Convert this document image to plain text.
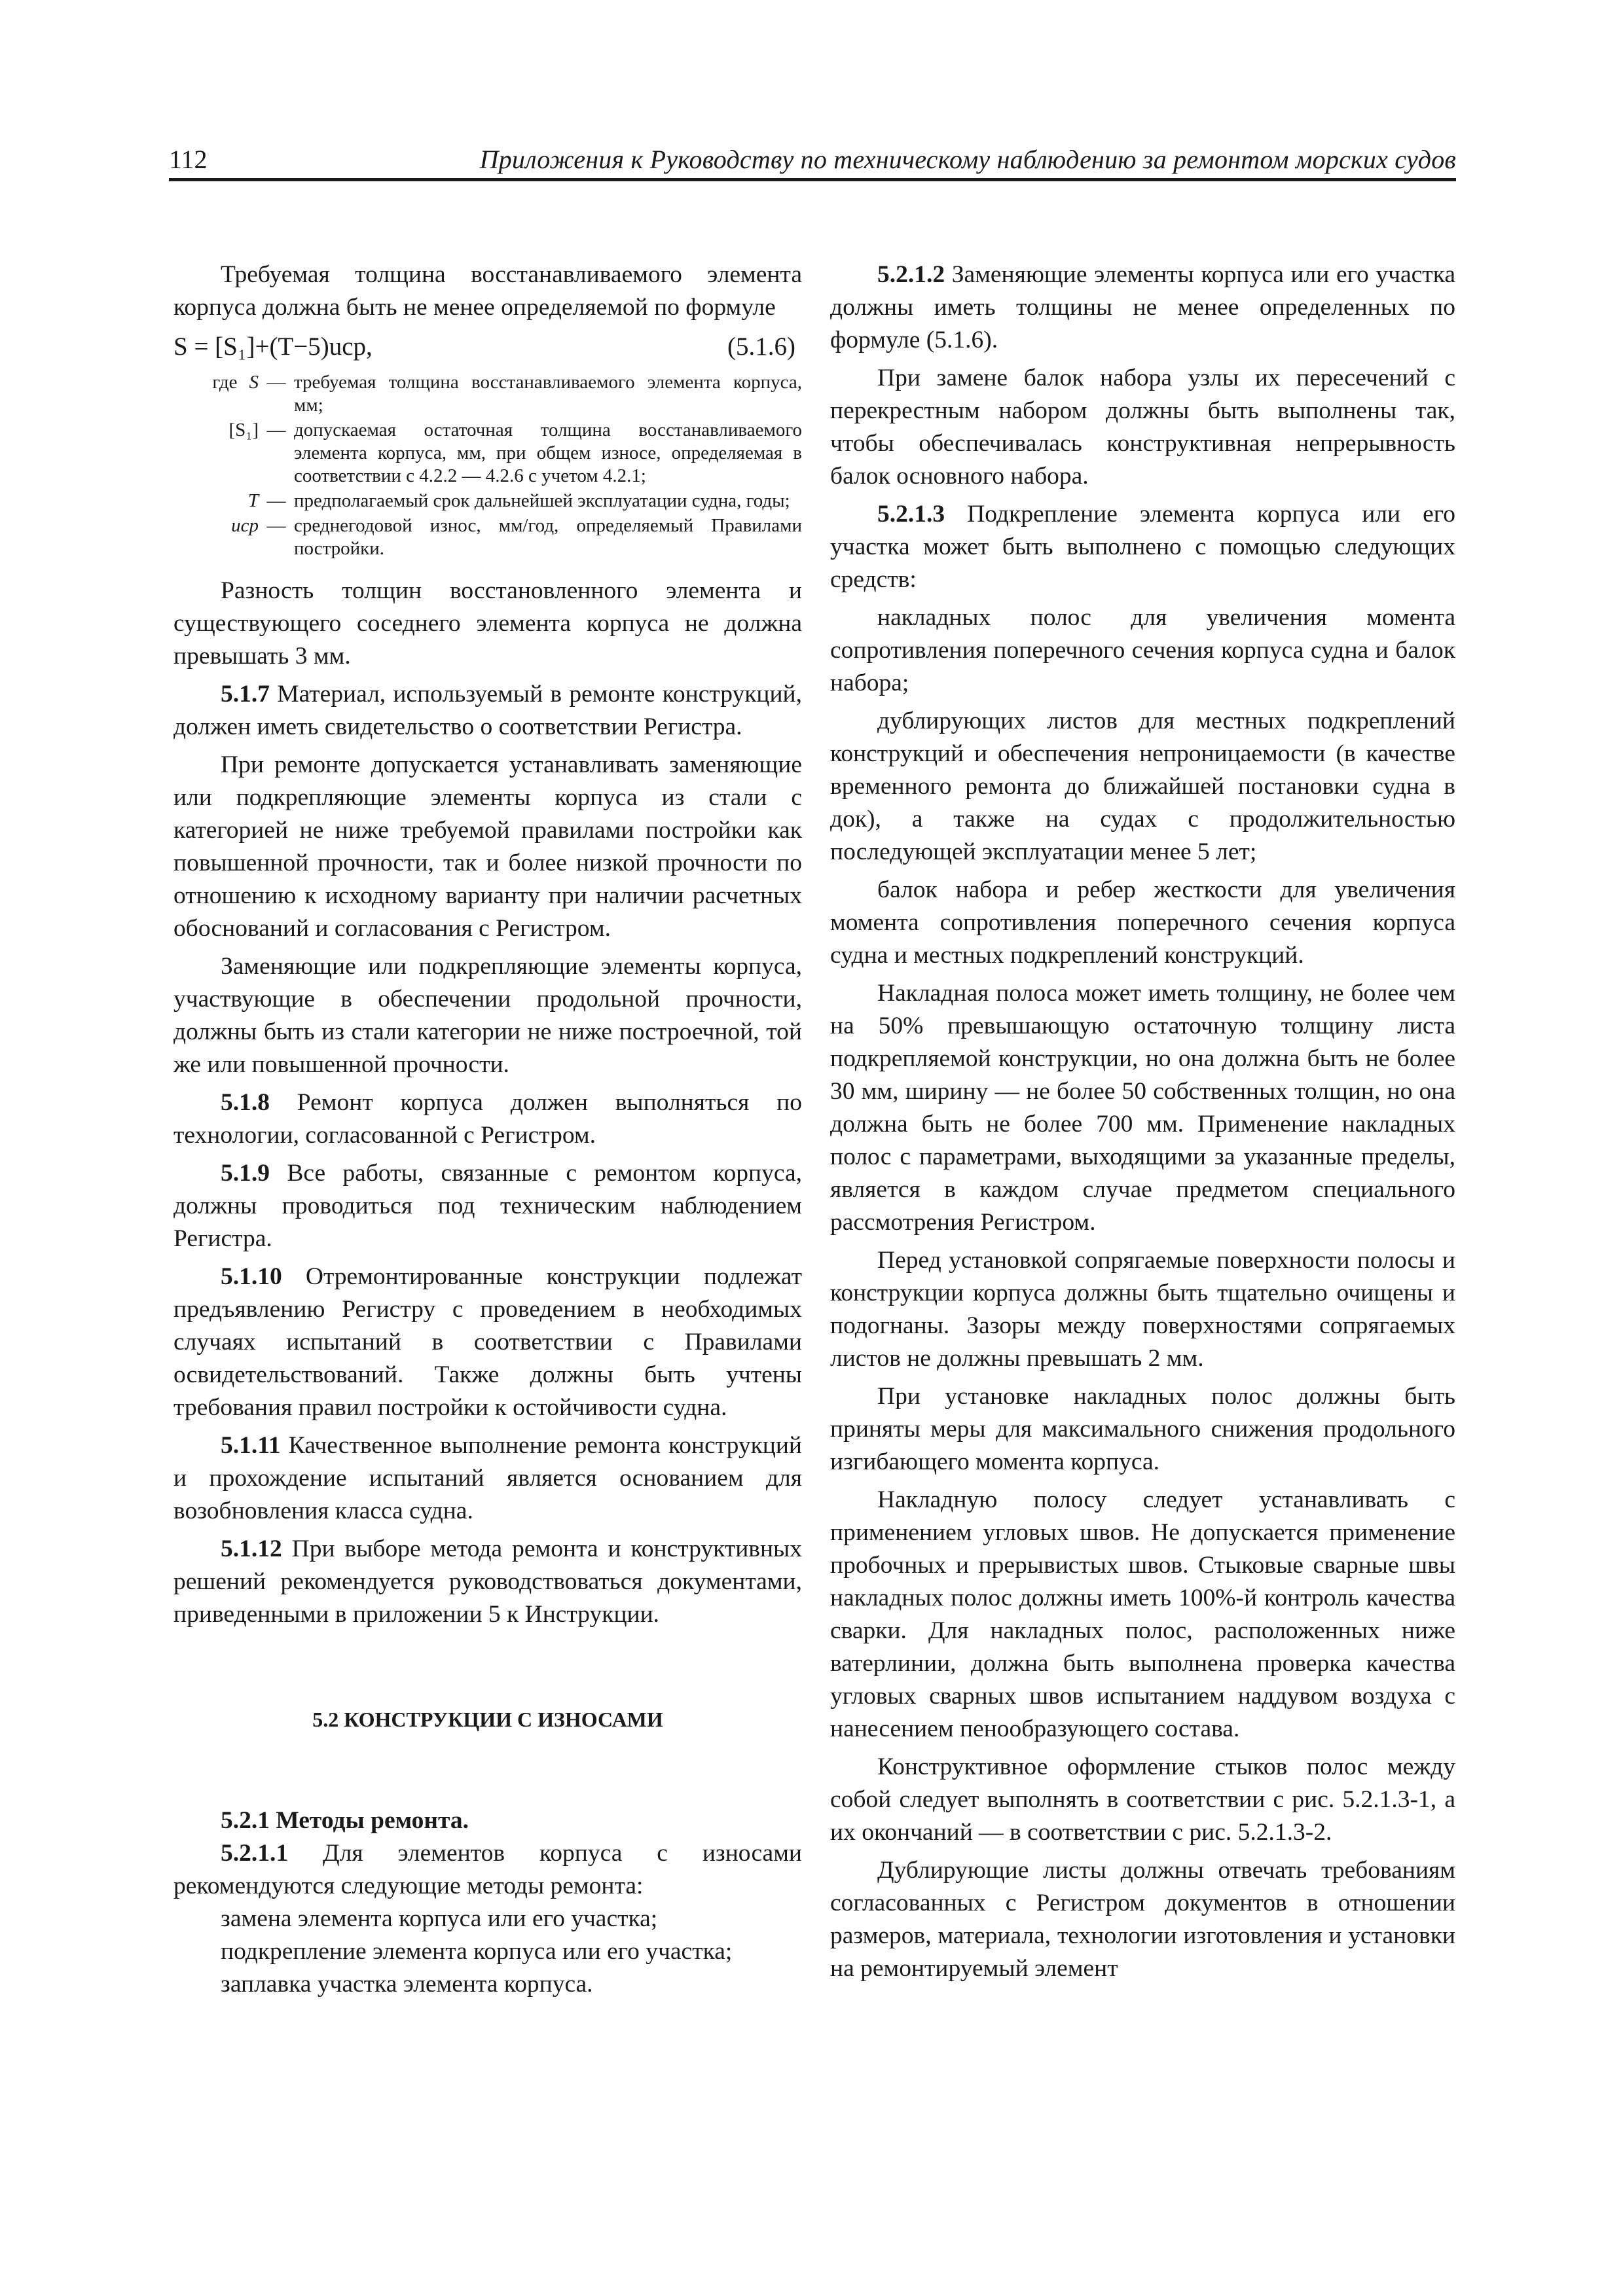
112	Приложения к Руководству по техническому наблюдению за ремонтом морских судов

Требуемая толщина восстанавливаемого элемента корпуса должна быть не менее определяемой по формуле

S = [S₁]+(T−5)uср,	(5.1.6)
где S — требуемая толщина восстанавливаемого элемента корпуса, мм;
[S₁] — допускаемая остаточная толщина восстанавливаемого элемента корпуса, мм, при общем износе, определяемая в соответствии с 4.2.2 — 4.2.6 с учетом 4.2.1;
T — предполагаемый срок дальнейшей эксплуатации судна, годы;
uср — среднегодовой износ, мм/год, определяемый Правилами постройки.

Разность толщин восстановленного элемента и существующего соседнего элемента корпуса не должна превышать 3 мм.

5.1.7 Материал, используемый в ремонте конструкций, должен иметь свидетельство о соответствии Регистра.

При ремонте допускается устанавливать заменяющие или подкрепляющие элементы корпуса из стали с категорией не ниже требуемой правилами постройки как повышенной прочности, так и более низкой прочности по отношению к исходному варианту при наличии расчетных обоснований и согласования с Регистром.

Заменяющие или подкрепляющие элементы корпуса, участвующие в обеспечении продольной прочности, должны быть из стали категории не ниже построечной, той же или повышенной прочности.

5.1.8 Ремонт корпуса должен выполняться по технологии, согласованной с Регистром.

5.1.9 Все работы, связанные с ремонтом корпуса, должны проводиться под техническим наблюдением Регистра.

5.1.10 Отремонтированные конструкции подлежат предъявлению Регистру с проведением в необходимых случаях испытаний в соответствии с Правилами освидетельствований. Также должны быть учтены требования правил постройки к остойчивости судна.

5.1.11 Качественное выполнение ремонта конструкций и прохождение испытаний является основанием для возобновления класса судна.

5.1.12 При выборе метода ремонта и конструктивных решений рекомендуется руководствоваться документами, приведенными в приложении 5 к Инструкции.

5.2 КОНСТРУКЦИИ С ИЗНОСАМИ

5.2.1 Методы ремонта.

5.2.1.1 Для элементов корпуса с износами рекомендуются следующие методы ремонта:

замена элемента корпуса или его участка;

подкрепление элемента корпуса или его участка;

заплавка участка элемента корпуса.

5.2.1.2 Заменяющие элементы корпуса или его участка должны иметь толщины не менее определенных по формуле (5.1.6).

При замене балок набора узлы их пересечений с перекрестным набором должны быть выполнены так, чтобы обеспечивалась конструктивная непрерывность балок основного набора.

5.2.1.3 Подкрепление элемента корпуса или его участка может быть выполнено с помощью следующих средств:

накладных полос для увеличения момента сопротивления поперечного сечения корпуса судна и балок набора;

дублирующих листов для местных подкреплений конструкций и обеспечения непроницаемости (в качестве временного ремонта до ближайшей постановки судна в док), а также на судах с продолжительностью последующей эксплуатации менее 5 лет;

балок набора и ребер жесткости для увеличения момента сопротивления поперечного сечения корпуса судна и местных подкреплений конструкций.

Накладная полоса может иметь толщину, не более чем на 50% превышающую остаточную толщину листа подкрепляемой конструкции, но она должна быть не более 30 мм, ширину — не более 50 собственных толщин, но она должна быть не более 700 мм. Применение накладных полос с параметрами, выходящими за указанные пределы, является в каждом случае предметом специального рассмотрения Регистром.

Перед установкой сопрягаемые поверхности полосы и конструкции корпуса должны быть тщательно очищены и подогнаны. Зазоры между поверхностями сопрягаемых листов не должны превышать 2 мм.

При установке накладных полос должны быть приняты меры для максимального снижения продольного изгибающего момента корпуса.

Накладную полосу следует устанавливать с применением угловых швов. Не допускается применение пробочных и прерывистых швов. Стыковые сварные швы накладных полос должны иметь 100%-й контроль качества сварки. Для накладных полос, расположенных ниже ватерлинии, должна быть выполнена проверка качества угловых сварных швов испытанием наддувом воздуха с нанесением пенообразующего состава.

Конструктивное оформление стыков полос между собой следует выполнять в соответствии с рис. 5.2.1.3-1, а их окончаний — в соответствии с рис. 5.2.1.3-2.

Дублирующие листы должны отвечать требованиям согласованных с Регистром документов в отношении размеров, материала, технологии изготовления и установки на ремонтируемый элемент
